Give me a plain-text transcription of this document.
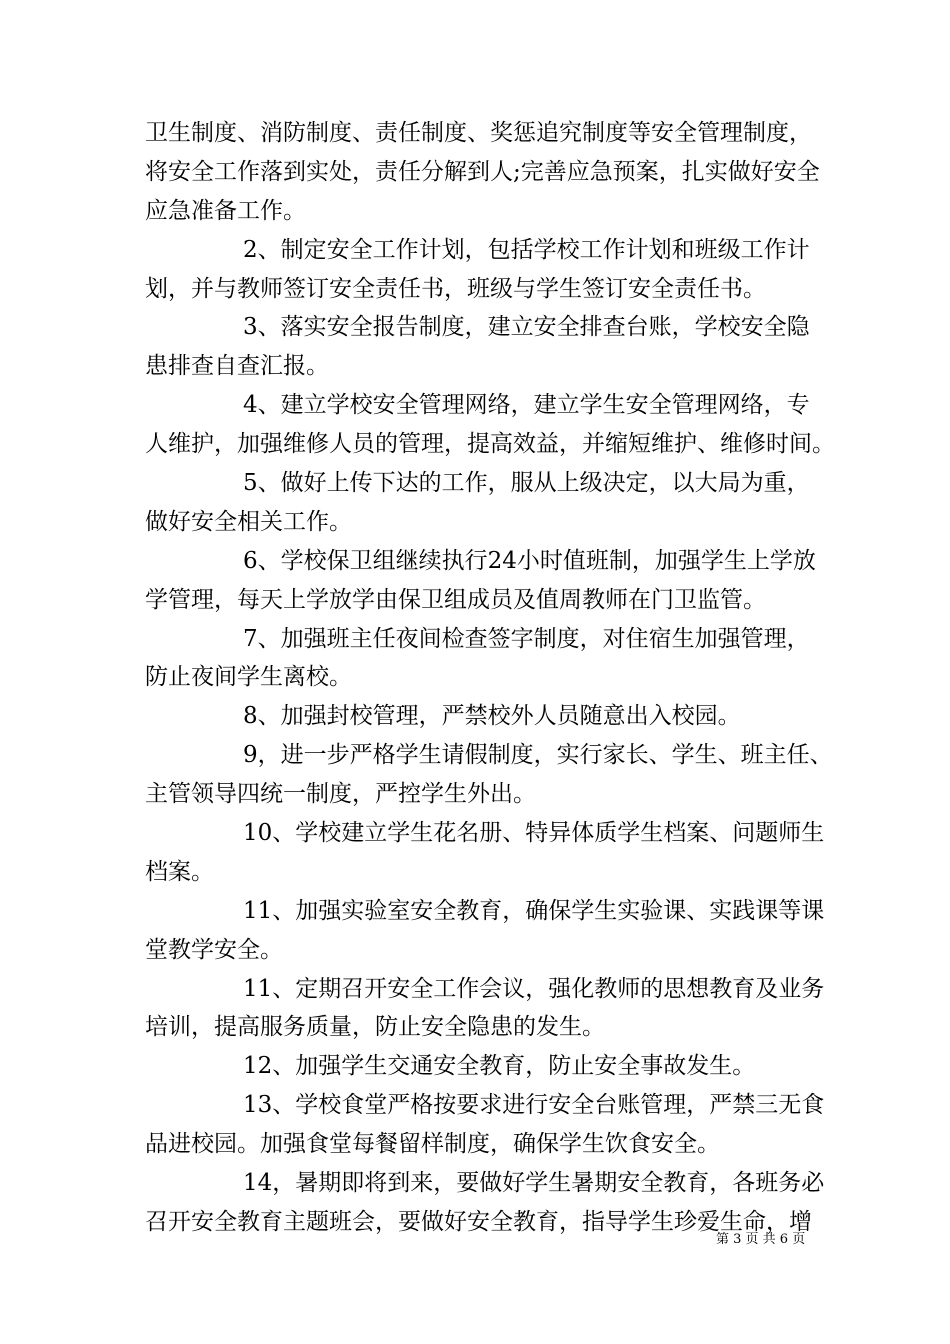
卫生制度、消防制度、责任制度、奖惩追究制度等安全管理制度，
将安全工作落到实处，责任分解到人;完善应急预案，扎实做好安全
应急准备工作。
2、制定安全工作计划，包括学校工作计划和班级工作计
划，并与教师签订安全责任书，班级与学生签订安全责任书。
3、落实安全报告制度，建立安全排查台账，学校安全隐
患排查自查汇报。
4、建立学校安全管理网络，建立学生安全管理网络，专
人维护，加强维修人员的管理，提高效益，并缩短维护、维修时间。
5、做好上传下达的工作，服从上级决定，以大局为重，
做好安全相关工作。
6、学校保卫组继续执行24小时值班制，加强学生上学放
学管理，每天上学放学由保卫组成员及值周教师在门卫监管。
7、加强班主任夜间检查签字制度，对住宿生加强管理，
防止夜间学生离校。
8、加强封校管理，严禁校外人员随意出入校园。
9，进一步严格学生请假制度，实行家长、学生、班主任、
主管领导四统一制度，严控学生外出。
10、学校建立学生花名册、特异体质学生档案、问题师生
档案。
11、加强实验室安全教育，确保学生实验课、实践课等课
堂教学安全。
11、定期召开安全工作会议，强化教师的思想教育及业务
培训，提高服务质量，防止安全隐患的发生。
12、加强学生交通安全教育，防止安全事故发生。
13、学校食堂严格按要求进行安全台账管理，严禁三无食
品进校园。加强食堂每餐留样制度，确保学生饮食安全。
14，暑期即将到来，要做好学生暑期安全教育，各班务必
召开安全教育主题班会，要做好安全教育，指导学生珍爱生命，增
第 3 页 共 6 页
